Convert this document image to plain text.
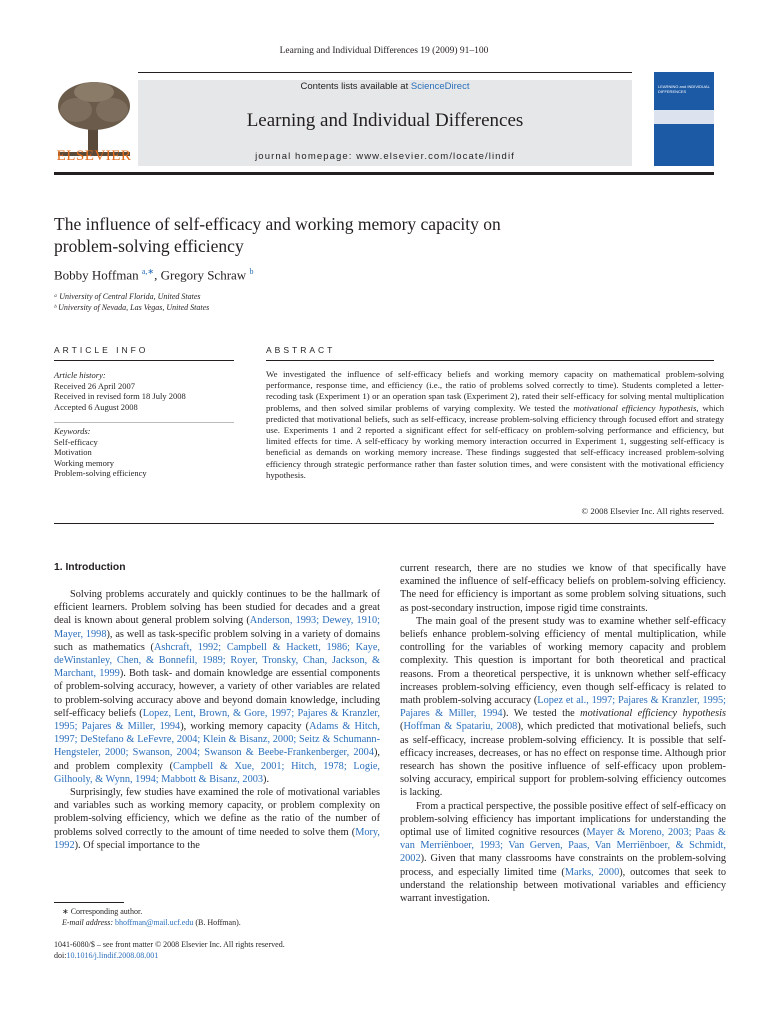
Learning and Individual Differences 19 (2009) 91–100
Contents lists available at ScienceDirect
Learning and Individual Differences
journal homepage: www.elsevier.com/locate/lindif
ELSEVIER
LEARNING and INDIVIDUAL DIFFERENCES
The influence of self-efficacy and working memory capacity on
problem-solving efficiency
Bobby Hoffman $^{a,∗}$, Gregory Schraw $^b$
ᵃ University of Central Florida, United States
ᵇ University of Nevada, Las Vegas, United States
ARTICLE INFO	ABSTRACT
Article history:
Received 26 April 2007
Received in revised form 18 July 2008
Accepted 6 August 2008
Keywords:
Self-efficacy
Motivation
Working memory
Problem-solving efficiency
We investigated the influence of self-efficacy beliefs and working memory capacity on mathematical problem-solving performance, response time, and efficiency (i.e., the ratio of problems solved correctly to time). Students completed a letter-recoding task (Experiment 1) or an operation span task (Experiment 2), rated their self-efficacy for solving mental multiplication problems, and then solved similar problems of varying complexity. We tested the motivational efficiency hypothesis, which predicted that motivational beliefs, such as self-efficacy, increase problem-solving efficiency through focused effort and strategy use. Experiments 1 and 2 reported a significant effect for self-efficacy on problem-solving performance and efficiency, but limited effects for time. A self-efficacy by working memory interaction occurred in Experiment 1, suggesting self-efficacy is beneficial as demands on working memory increase. These findings suggested that self-efficacy increased problem-solving efficiency through strategic performance rather than faster solution times, and were consistent with the motivational efficiency hypothesis.
© 2008 Elsevier Inc. All rights reserved.
1. Introduction

Solving problems accurately and quickly continues to be the hallmark of efficient learners. Problem solving has been studied for decades and a great deal is known about general problem solving (Anderson, 1993; Dewey, 1910; Mayer, 1998), as well as task-specific problem solving in a variety of domains such as mathematics (Ashcraft, 1992; Campbell & Hackett, 1986; Kaye, deWinstanley, Chen, & Bonnefil, 1989; Royer, Tronsky, Chan, Jackson, & Marchant, 1999). Both task- and domain knowledge are essential components of problem-solving accuracy, however, a variety of other variables are related to problem-solving accuracy above and beyond domain knowledge, including self-efficacy beliefs (Lopez, Lent, Brown, & Gore, 1997; Pajares & Kranzler, 1995; Pajares & Miller, 1994), working memory capacity (Adams & Hitch, 1997; DeStefano & LeFevre, 2004; Klein & Bisanz, 2000; Seitz & Schumann-Hengsteler, 2000; Swanson, 2004; Swanson & Beebe-Frankenberger, 2004), and problem complexity (Campbell & Xue, 2001; Hitch, 1978; Logie, Gilhooly, & Wynn, 1994; Mabbott & Bisanz, 2003).

Surprisingly, few studies have examined the role of motivational variables and variables such as working memory capacity, or problem complexity on problem-solving efficiency, which we define as the ratio of the number of problems solved correctly to the amount of time needed to solve them (Mory, 1992). Of special importance to the

current research, there are no studies we know of that specifically have examined the influence of self-efficacy beliefs on problem-solving efficiency. The need for efficiency is important as some problem solving situations, such as post-secondary instruction, impose rigid time constraints.

The main goal of the present study was to examine whether self-efficacy beliefs enhance problem-solving efficiency of mental multiplication, while controlling for the variables of working memory capacity and problem complexity. This question is important for both theoretical and practical reasons. From a theoretical perspective, it is unknown whether self-efficacy increases problem-solving efficiency, even though self-efficacy is related to math problem-solving accuracy (Lopez et al., 1997; Pajares & Kranzler, 1995; Pajares & Miller, 1994). We tested the motivational efficiency hypothesis (Hoffman & Spatariu, 2008), which predicted that motivational beliefs, such as self-efficacy, increase problem-solving efficiency. It is possible that self-efficacy increases, decreases, or has no effect on response time. Although prior research has shown the positive influence of self-efficacy upon problem-solving accuracy, empirical support for problem-solving efficiency outcomes is lacking.

From a practical perspective, the possible positive effect of self-efficacy on problem-solving efficiency has important implications for understanding the optimal use of limited cognitive resources (Mayer & Moreno, 2003; Paas & van Merriënboer, 1993; Van Gerven, Paas, Van Merriënboer, & Schmidt, 2002). Given that many classrooms have constraints on the problem-solving process, and especially limited time (Marks, 2000), outcomes that seek to understand the relationship between motivational variables and efficiency warrant investigation.

∗ Corresponding author.
E-mail address: bhoffman@mail.ucf.edu (B. Hoffman).
1041-6080/$ – see front matter © 2008 Elsevier Inc. All rights reserved.
doi:10.1016/j.lindif.2008.08.001
